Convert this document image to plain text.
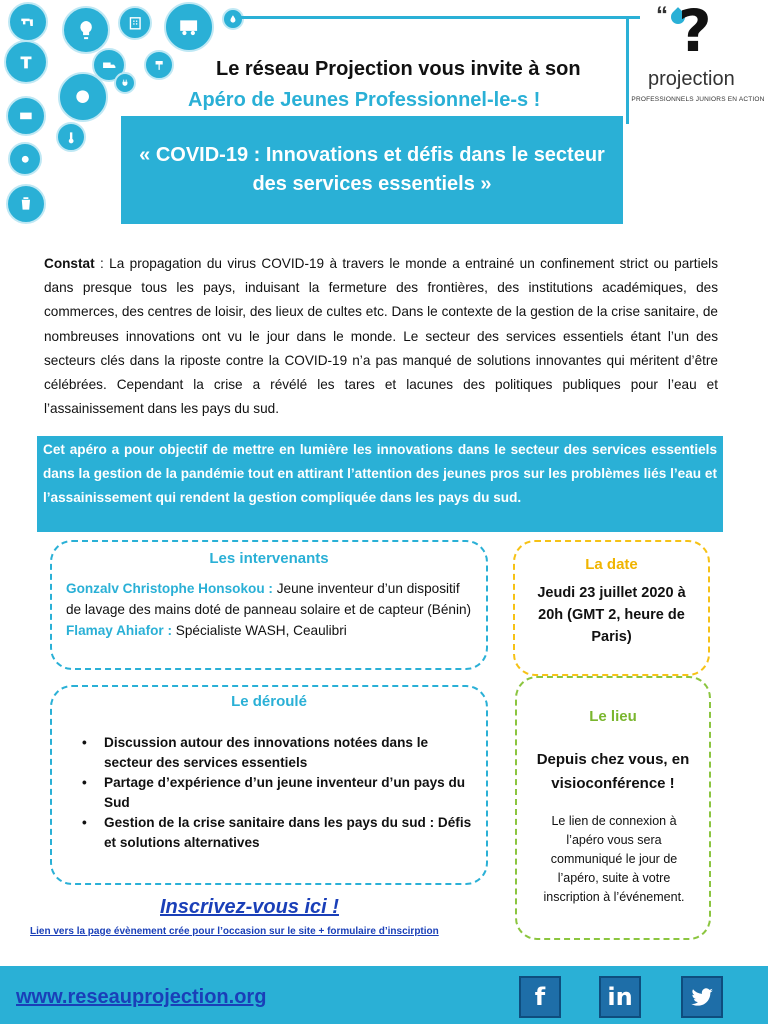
“ ?
projection
PROFESSIONNELS JUNIORS EN ACTION
Le réseau Projection vous invite à son
Apéro de Jeunes Professionnel-le-s !
« COVID-19 : Innovations et défis dans le secteur des services essentiels »

Constat : La propagation du virus COVID-19 à travers le monde a entrainé un confinement strict ou partiels dans presque tous les pays, induisant la fermeture des frontières, des institutions académiques, des commerces, des centres de loisir, des lieux de cultes etc. Dans le contexte de la gestion de la crise sanitaire, de nombreuses innovations ont vu le jour dans le monde. Le secteur des services essentiels étant l’un des secteurs clés dans la riposte contre la COVID-19 n’a pas manqué de solutions innovantes qui méritent d’être célébrées. Cependant la crise a révélé les tares et lacunes des politiques publiques pour l’eau et l’assainissement dans les pays du sud.

Cet apéro a pour objectif de mettre en lumière les innovations dans le secteur des services essentiels dans la gestion de la pandémie tout en attirant l’attention des jeunes pros sur les problèmes liés l’eau et l’assainissement qui rendent la gestion compliquée dans les pays du sud.
Les intervenants
Gonzalv Christophe Honsokou : Jeune inventeur d’un dispositif de lavage des mains doté de panneau solaire et de capteur (Bénin)
Flamay Ahiafor : Spécialiste WASH, Ceaulibri
Le déroulé
• Discussion autour des innovations notées dans le secteur des services essentiels
• Partage d’expérience d’un jeune inventeur d’un pays du Sud
• Gestion de la crise sanitaire dans les pays du sud : Défis et solutions alternatives
La date
Jeudi 23 juillet 2020 à 20h (GMT 2, heure de Paris)
Le lieu
Depuis chez vous, en visioconférence !
Le lien de connexion à l’apéro vous sera communiqué le jour de l’apéro, suite à votre inscription à l’événement.
Inscrivez-vous ici !
Lien vers la page évènement crée pour l’occasion sur le site + formulaire d’inscirption
www.reseauprojection.org	f	in
